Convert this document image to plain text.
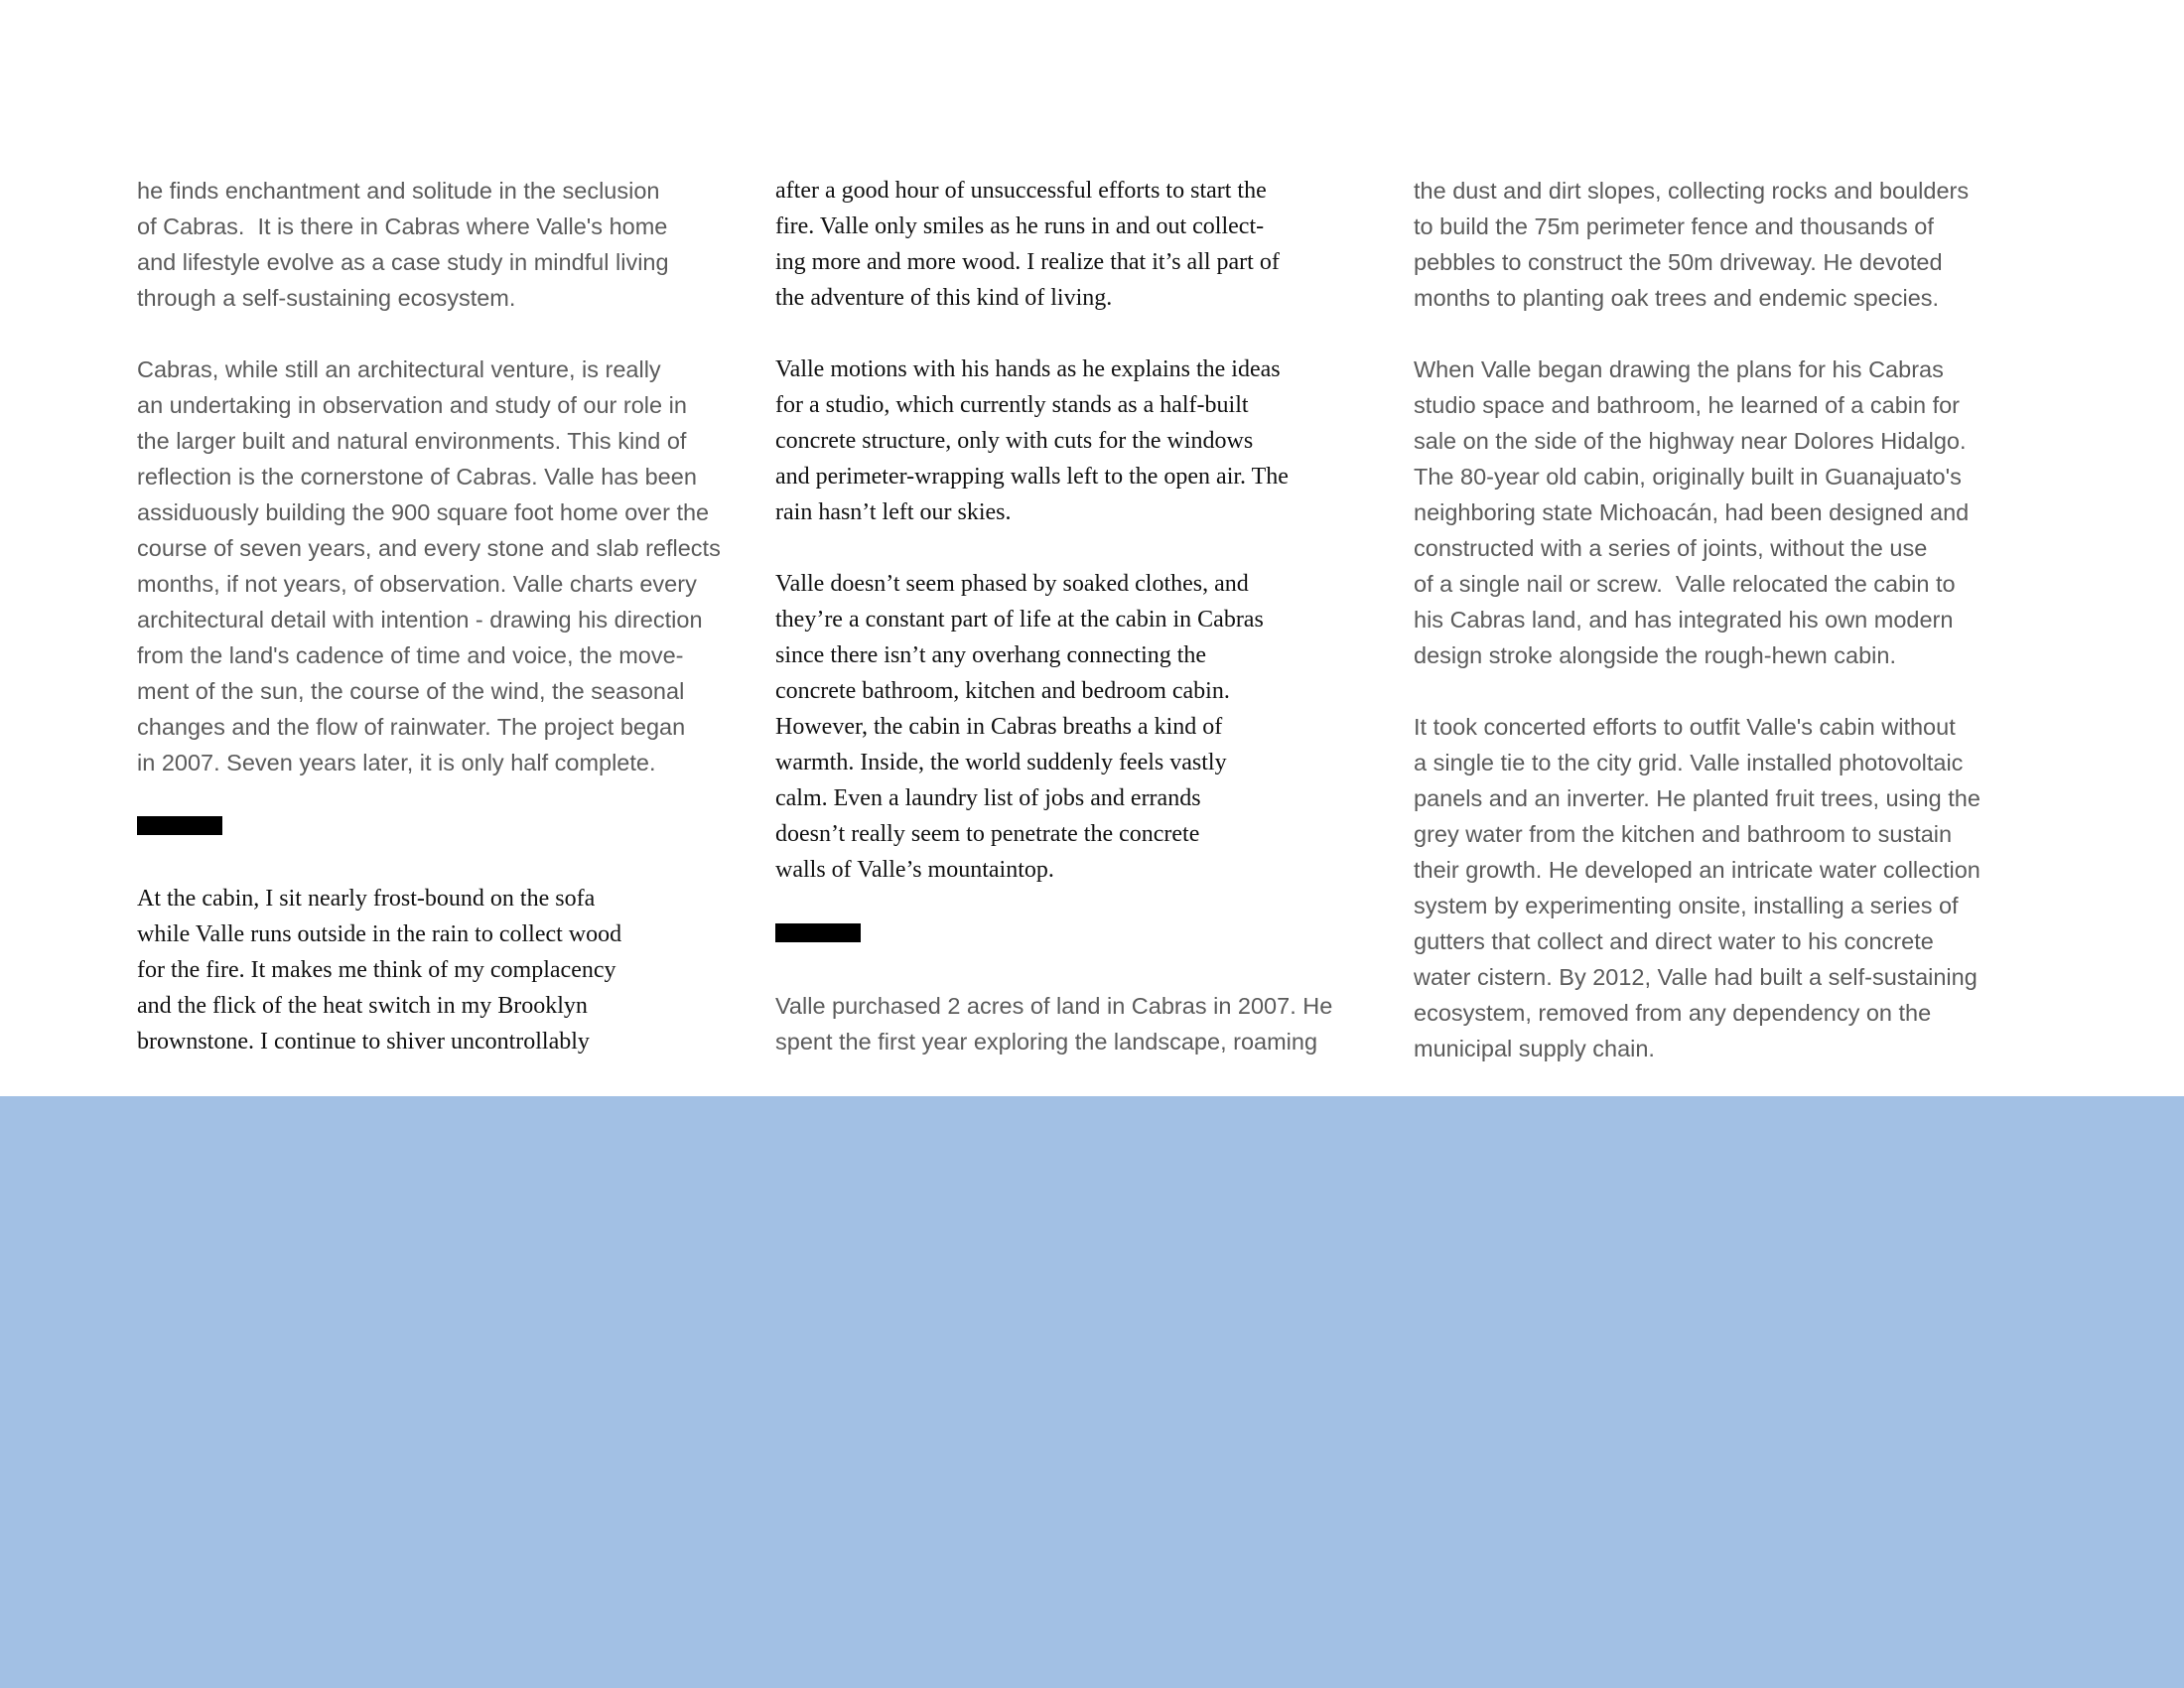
he finds enchantment and solitude in the seclusion
of Cabras.  It is there in Cabras where Valle's home
and lifestyle evolve as a case study in mindful living
through a self-sustaining ecosystem.
Cabras, while still an architectural venture, is really
an undertaking in observation and study of our role in
the larger built and natural environments. This kind of
reflection is the cornerstone of Cabras. Valle has been
assiduously building the 900 square foot home over the
course of seven years, and every stone and slab reflects
months, if not years, of observation. Valle charts every
architectural detail with intention - drawing his direction
from the land's cadence of time and voice, the move-
ment of the sun, the course of the wind, the seasonal
changes and the flow of rainwater. The project began
in 2007. Seven years later, it is only half complete.
At the cabin, I sit nearly frost-bound on the sofa
while Valle runs outside in the rain to collect wood
for the fire. It makes me think of my complacency
and the flick of the heat switch in my Brooklyn
brownstone. I continue to shiver uncontrollably
after a good hour of unsuccessful efforts to start the
fire. Valle only smiles as he runs in and out collect-
ing more and more wood. I realize that it’s all part of
the adventure of this kind of living.
Valle motions with his hands as he explains the ideas
for a studio, which currently stands as a half-built
concrete structure, only with cuts for the windows
and perimeter-wrapping walls left to the open air. The
rain hasn’t left our skies.
Valle doesn’t seem phased by soaked clothes, and
they’re a constant part of life at the cabin in Cabras
since there isn’t any overhang connecting the
concrete bathroom, kitchen and bedroom cabin.
However, the cabin in Cabras breaths a kind of
warmth. Inside, the world suddenly feels vastly
calm. Even a laundry list of jobs and errands
doesn’t really seem to penetrate the concrete
walls of Valle’s mountaintop.
Valle purchased 2 acres of land in Cabras in 2007. He
spent the first year exploring the landscape, roaming
the dust and dirt slopes, collecting rocks and boulders
to build the 75m perimeter fence and thousands of
pebbles to construct the 50m driveway. He devoted
months to planting oak trees and endemic species.
When Valle began drawing the plans for his Cabras
studio space and bathroom, he learned of a cabin for
sale on the side of the highway near Dolores Hidalgo.
The 80-year old cabin, originally built in Guanajuato's
neighboring state Michoacán, had been designed and
constructed with a series of joints, without the use
of a single nail or screw.  Valle relocated the cabin to
his Cabras land, and has integrated his own modern
design stroke alongside the rough-hewn cabin.
It took concerted efforts to outfit Valle's cabin without
a single tie to the city grid. Valle installed photovoltaic
panels and an inverter. He planted fruit trees, using the
grey water from the kitchen and bathroom to sustain
their growth. He developed an intricate water collection
system by experimenting onsite, installing a series of
gutters that collect and direct water to his concrete
water cistern. By 2012, Valle had built a self-sustaining
ecosystem, removed from any dependency on the
municipal supply chain.
